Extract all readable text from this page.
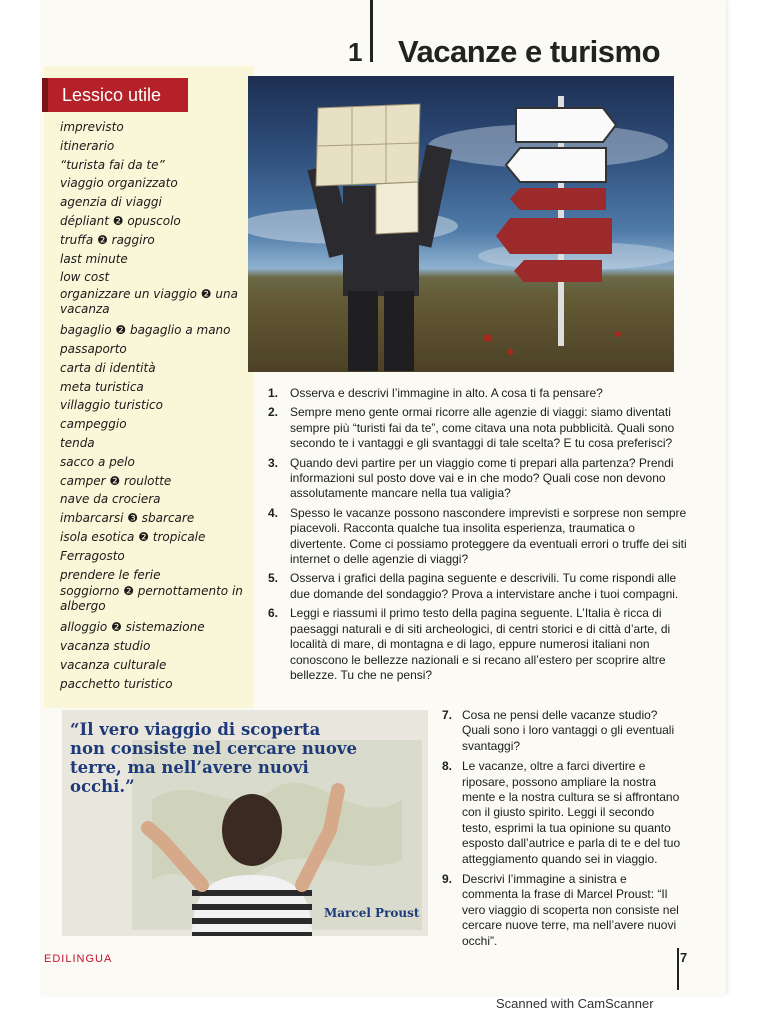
1 Vacanze e turismo
Lessico utile
imprevisto
itinerario
“turista fai da te”
viaggio organizzato
agenzia di viaggi
dépliant ❷ opuscolo
truffa ❷ raggiro
last minute
low cost
organizzare un viaggio ❷ una vacanza
bagaglio ❷ bagaglio a mano
passaporto
carta di identità
meta turistica
villaggio turistico
campeggio
tenda
sacco a pelo
camper ❷ roulotte
nave da crociera
imbarcarsi ❸ sbarcare
isola esotica ❷ tropicale
Ferragosto
prendere le ferie
soggiorno ❷ pernottamento in albergo
alloggio ❷ sistemazione
vacanza studio
vacanza culturale
pacchetto turistico
1. Osserva e descrivi l’immagine in alto. A cosa ti fa pensare?
2. Sempre meno gente ormai ricorre alle agenzie di viaggi: siamo diventati sempre più “turisti fai da te”, come citava una nota pubblicità. Quali sono secondo te i vantaggi e gli svantaggi di tale scelta? E tu cosa preferisci?
3. Quando devi partire per un viaggio come ti prepari alla partenza? Prendi informazioni sul posto dove vai e in che modo? Quali cose non devono assolutamente mancare nella tua valigia?
4. Spesso le vacanze possono nascondere imprevisti e sorprese non sempre piacevoli. Racconta qualche tua insolita esperienza, traumatica o divertente. Come ci possiamo proteggere da eventuali errori o truffe dei siti internet o delle agenzie di viaggi?
5. Osserva i grafici della pagina seguente e descrivili. Tu come rispondi alle due domande del sondaggio? Prova a intervistare anche i tuoi compagni.
6. Leggi e riassumi il primo testo della pagina seguente. L’Italia è ricca di paesaggi naturali e di siti archeologici, di centri storici e di città d’arte, di località di mare, di montagna e di lago, eppure numerosi italiani non conoscono le bellezze nazionali e si recano all’estero per scoprire altre bellezze. Tu che ne pensi?
“Il vero viaggio di scoperta non consiste nel cercare nuove terre, ma nell’avere nuovi occhi.”
Marcel Proust
7. Cosa ne pensi delle vacanze studio? Quali sono i loro vantaggi o gli eventuali svantaggi?
8. Le vacanze, oltre a farci divertire e riposare, possono ampliare la nostra mente e la nostra cultura se si affrontano con il giusto spirito. Leggi il secondo testo, esprimi la tua opinione su quanto esposto dall’autrice e parla di te e del tuo atteggiamento quando sei in viaggio.
9. Descrivi l’immagine a sinistra e commenta la frase di Marcel Proust: “Il vero viaggio di scoperta non consiste nel cercare nuove terre, ma nell’avere nuovi occhi”.
EDILINGUA	7
Scanned with CamScanner
